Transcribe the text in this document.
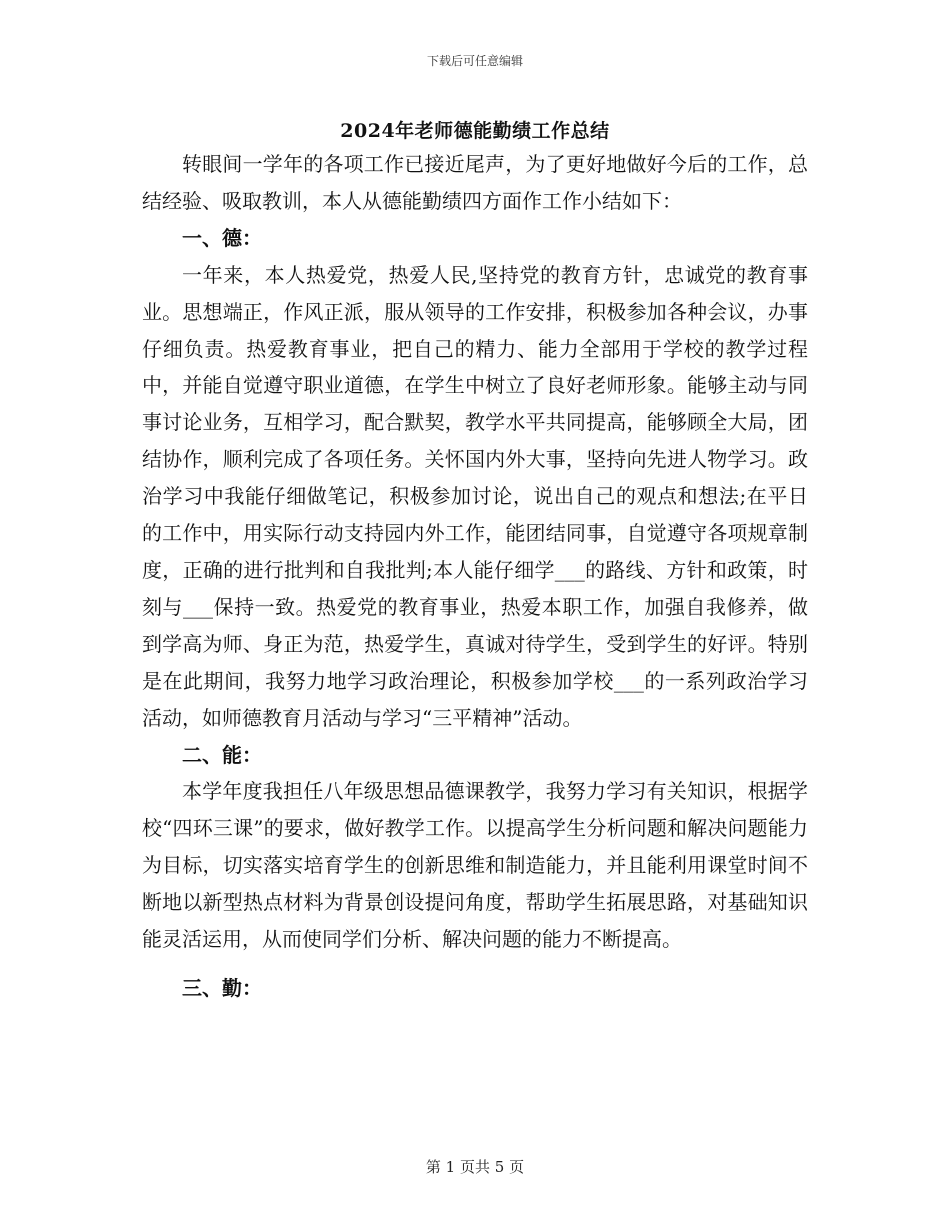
下载后可任意编辑
2024年老师德能勤绩工作总结

转眼间一学年的各项工作已接近尾声，为了更好地做好今后的工作，总结经验、吸取教训，本人从德能勤绩四方面作工作小结如下：

一、德：

一年来，本人热爱党，热爱人民,坚持党的教育方针，忠诚党的教育事业。思想端正，作风正派，服从领导的工作安排，积极参加各种会议，办事仔细负责。热爱教育事业，把自己的精力、能力全部用于学校的教学过程中，并能自觉遵守职业道德，在学生中树立了良好老师形象。能够主动与同事讨论业务，互相学习，配合默契，教学水平共同提高，能够顾全大局，团结协作，顺利完成了各项任务。关怀国内外大事，坚持向先进人物学习。政治学习中我能仔细做笔记，积极参加讨论，说出自己的观点和想法;在平日的工作中，用实际行动支持园内外工作，能团结同事，自觉遵守各项规章制度，正确的进行批判和自我批判;本人能仔细学___的路线、方针和政策，时刻与___保持一致。热爱党的教育事业，热爱本职工作，加强自我修养，做到学高为师、身正为范，热爱学生，真诚对待学生，受到学生的好评。特别是在此期间，我努力地学习政治理论，积极参加学校___的一系列政治学习活动，如师德教育月活动与学习“三平精神”活动。

二、能：

本学年度我担任八年级思想品德课教学，我努力学习有关知识，根据学校“四环三课”的要求，做好教学工作。以提高学生分析问题和解决问题能力为目标，切实落实培育学生的创新思维和制造能力，并且能利用课堂时间不断地以新型热点材料为背景创设提问角度，帮助学生拓展思路，对基础知识能灵活运用，从而使同学们分析、解决问题的能力不断提高。

三、勤：

第 1 页共 5 页
